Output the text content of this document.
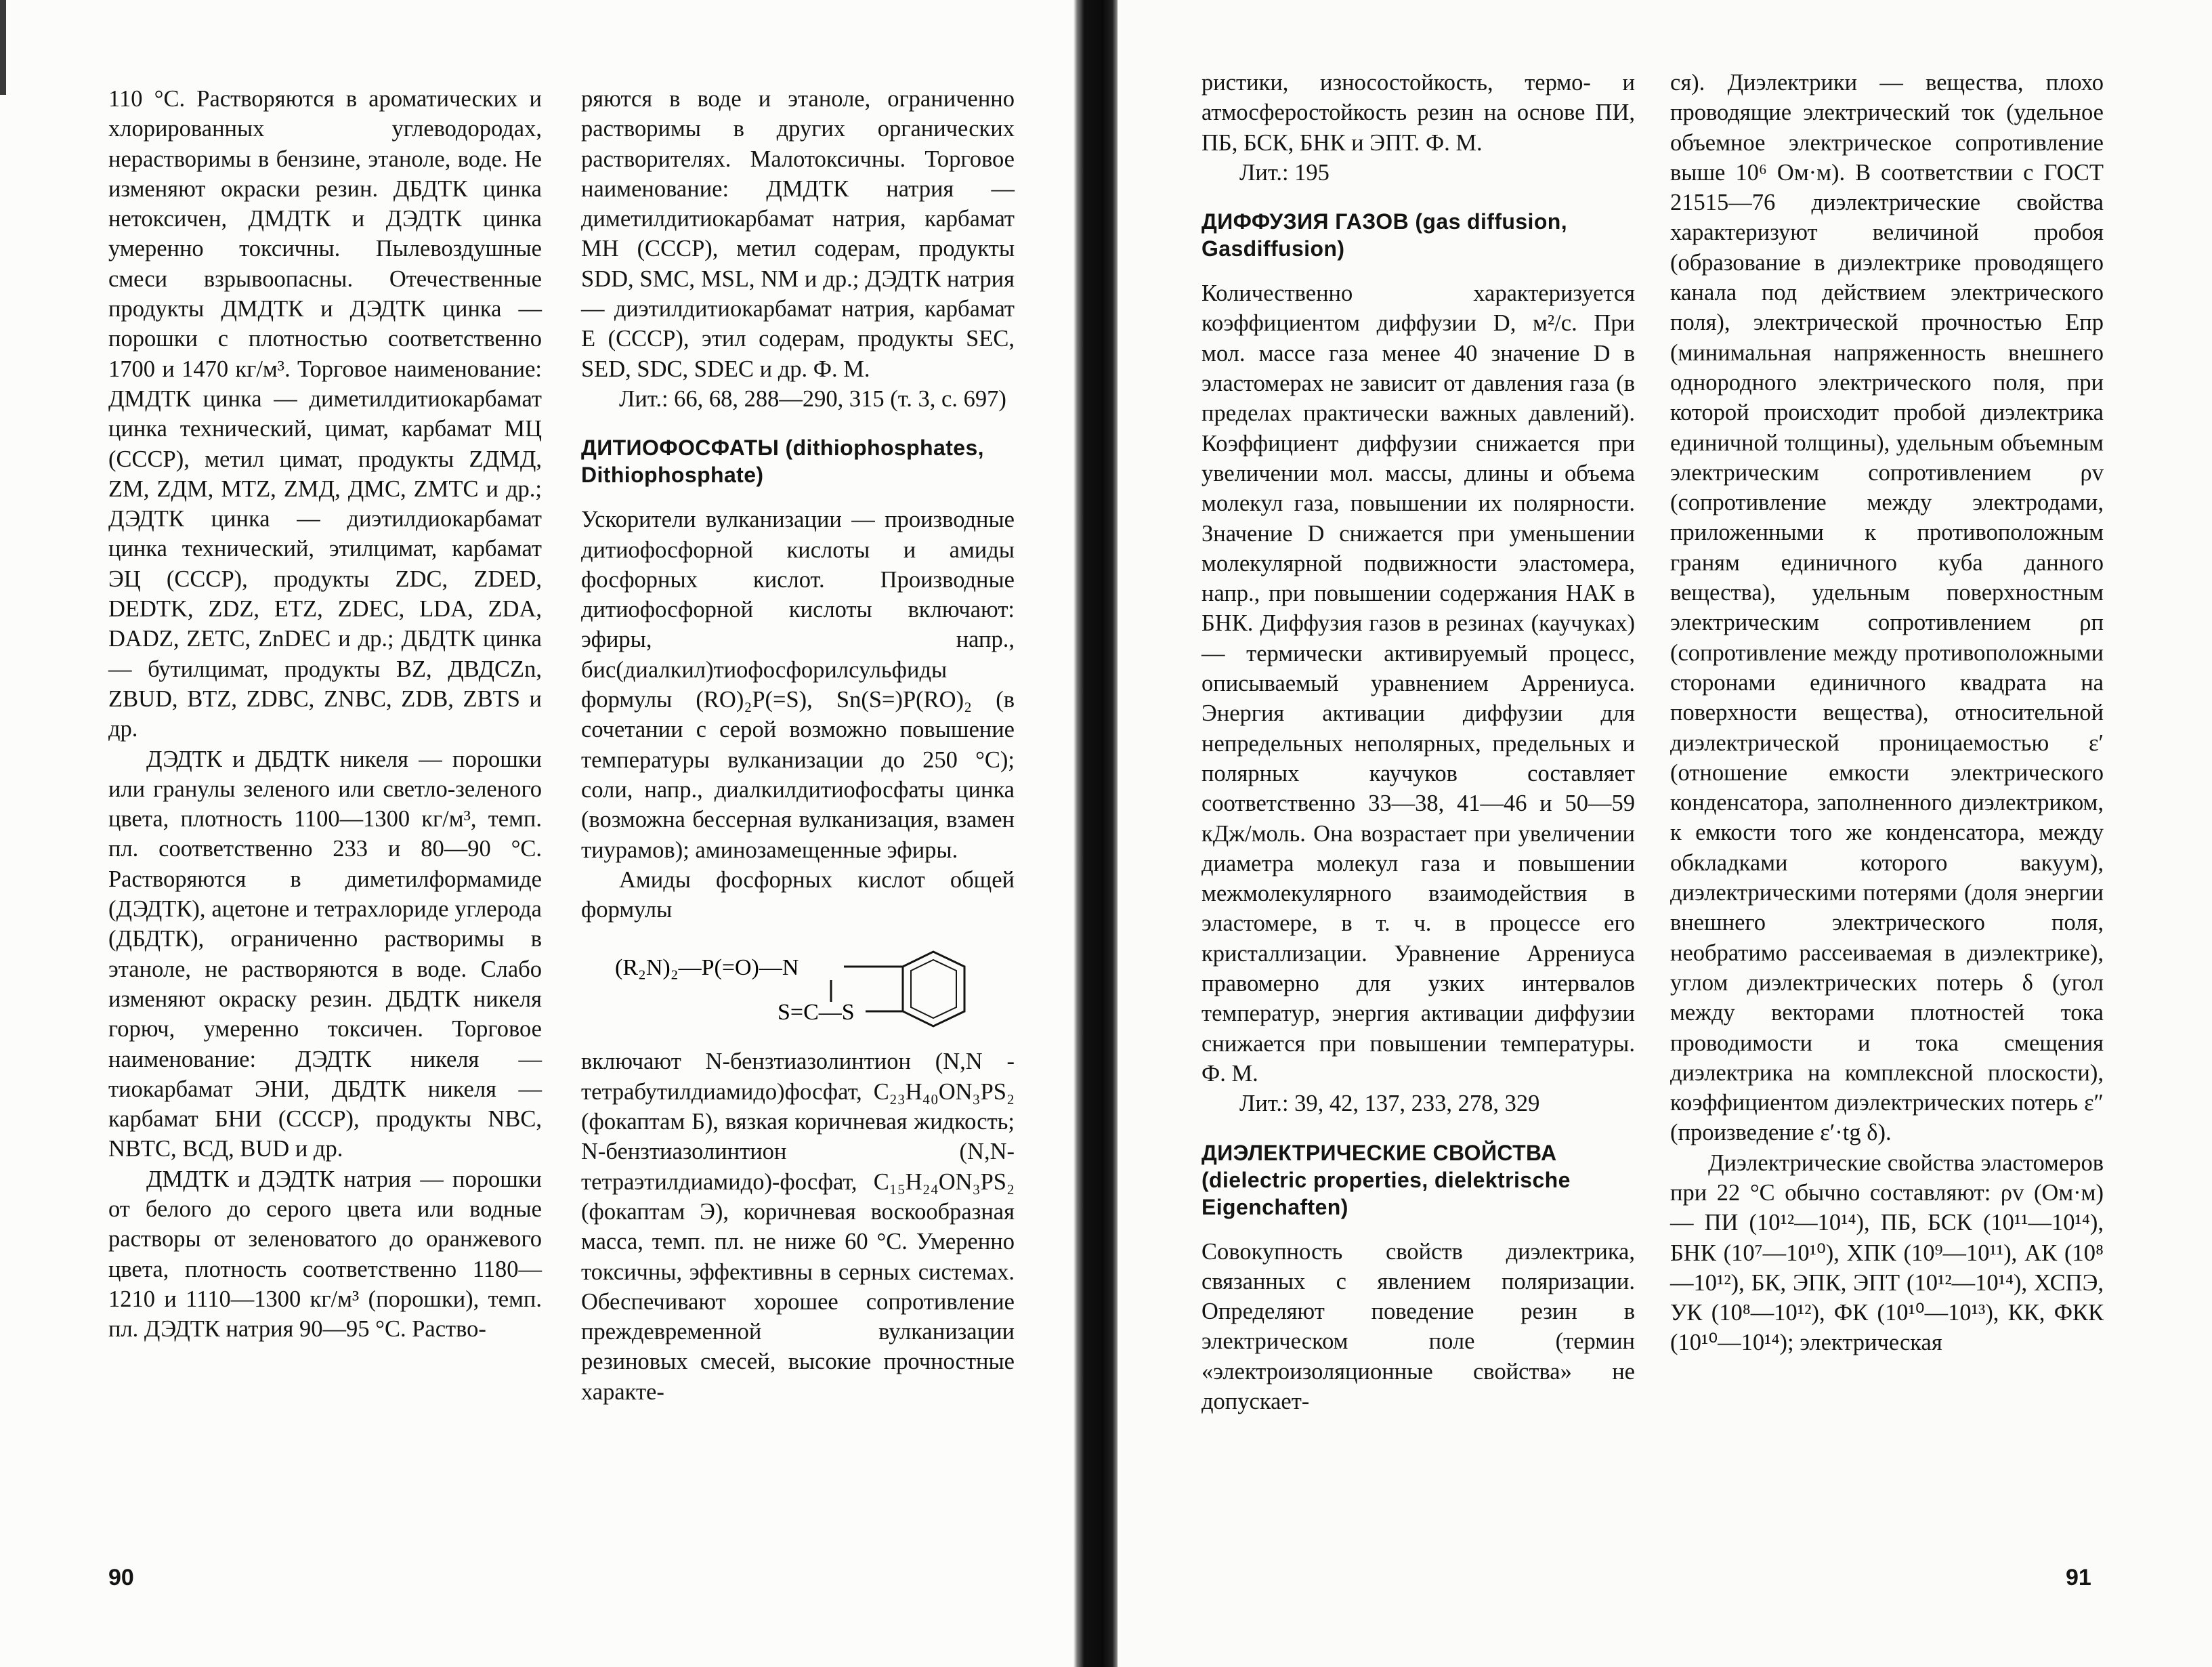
110 °C. Растворяются в ароматических и хлорированных углеводородах, нерастворимы в бензине, этаноле, воде. Не изменяют окраски резин. ДБДТК цинка нетоксичен, ДМДТК и ДЭДТК цинка умеренно токсичны. Пылевоздушные смеси взрывоопасны. Отечественные продукты ДМДТК и ДЭДТК цинка — порошки с плотностью соответственно 1700 и 1470 кг/м³. Торговое наименование: ДМДТК цинка — диметилдитиокарбамат цинка технический, цимат, карбамат МЦ (СССР), метил цимат, продукты ZДМД, ZM, ZДМ, MTZ, ZМД, ДМС, ZMTC и др.; ДЭДТК цинка — диэтилдиокарбамат цинка технический, этилцимат, карбамат ЭЦ (СССР), продукты ZDC, ZDED, DEDTK, ZDZ, ETZ, ZDEC, LDA, ZDA, DADZ, ZETC, ZnDEC и др.; ДБДТК цинка — бутилцимат, продукты BZ, ДВДСZn, ZBUD, BTZ, ZDBC, ZNBC, ZDB, ZBTS и др.

ДЭДТК и ДБДТК никеля — порошки или гранулы зеленого или светло-зеленого цвета, плотность 1100—1300 кг/м³, темп. пл. соответственно 233 и 80—90 °C. Растворяются в диметилформамиде (ДЭДТК), ацетоне и тетрахлориде углерода (ДБДТК), ограниченно растворимы в этаноле, не растворяются в воде. Слабо изменяют окраску резин. ДБДТК никеля горюч, умеренно токсичен. Торговое наименование: ДЭДТК никеля — тиокарбамат ЭНИ, ДБДТК никеля — карбамат БНИ (СССР), продукты NBC, NBTC, ВСД, BUD и др.

ДМДТК и ДЭДТК натрия — порошки от белого до серого цвета или водные растворы от зеленоватого до оранжевого цвета, плотность соответственно 1180—1210 и 1110—1300 кг/м³ (порошки), темп. пл. ДЭДТК натрия 90—95 °C. Раство-

ряются в воде и этаноле, ограниченно растворимы в других органических растворителях. Малотоксичны. Торговое наименование: ДМДТК натрия — диметилдитиокарбамат натрия, карбамат МН (СССР), метил содерам, продукты SDD, SMC, MSL, NM и др.; ДЭДТК натрия — диэтилдитиокарбамат натрия, карбамат Е (СССР), этил содерам, продукты SEC, SED, SDC, SDEC и др. Ф. М.

Лит.: 66, 68, 288—290, 315 (т. 3, с. 697)

ДИТИОФОСФАТЫ (dithiophosphates, Dithiophosphate)

Ускорители вулканизации — производные дитиофосфорной кислоты и амиды фосфорных кислот. Производные дитиофосфорной кислоты включают: эфиры, напр., бис(диалкил)тиофосфорилсульфиды формулы (RO)₂P(=S), Sn(S=)P(RO)₂ (в сочетании с серой возможно повышение температуры вулканизации до 250 °C); соли, напр., диалкилдитиофосфаты цинка (возможна бессерная вулканизация, взамен тиурамов); аминозамещенные эфиры.

Амиды фосфорных кислот общей формулы

(R₂N)₂—P(=O)—N
S=C—S

включают N-бензтиазолинтион (N,N - тетрабутилдиамидо)фосфат, C₂₃H₄₀ON₃PS₂ (фокаптам Б), вязкая коричневая жидкость; N-бензтиазолинтион (N,N-тетраэтилдиамидо)-фосфат, C₁₅H₂₄ON₃PS₂ (фокаптам Э), коричневая воскообразная масса, темп. пл. не ниже 60 °C. Умеренно токсичны, эффективны в серных системах. Обеспечивают хорошее сопротивление преждевременной вулканизации резиновых смесей, высокие прочностные характе-

90

ристики, износостойкость, термо- и атмосферостойкость резин на основе ПИ, ПБ, БСК, БНК и ЭПТ. Ф. М.

Лит.: 195

ДИФФУЗИЯ ГАЗОВ (gas diffusion, Gasdiffusion)

Количественно характеризуется коэффициентом диффузии D, м²/с. При мол. массе газа менее 40 значение D в эластомерах не зависит от давления газа (в пределах практически важных давлений). Коэффициент диффузии снижается при увеличении мол. массы, длины и объема молекул газа, повышении их полярности. Значение D снижается при уменьшении молекулярной подвижности эластомера, напр., при повышении содержания НАК в БНК. Диффузия газов в резинах (каучуках) — термически активируемый процесс, описываемый уравнением Аррениуса. Энергия активации диффузии для непредельных неполярных, предельных и полярных каучуков составляет соответственно 33—38, 41—46 и 50—59 кДж/моль. Она возрастает при увеличении диаметра молекул газа и повышении межмолекулярного взаимодействия в эластомере, в т. ч. в процессе его кристаллизации. Уравнение Аррениуса правомерно для узких интервалов температур, энергия активации диффузии снижается при повышении температуры. Ф. М.

Лит.: 39, 42, 137, 233, 278, 329

ДИЭЛЕКТРИЧЕСКИЕ СВОЙСТВА (dielectric properties, dielektrische Eigenchaften)

Совокупность свойств диэлектрика, связанных с явлением поляризации. Определяют поведение резин в электрическом поле (термин «электроизоляционные свойства» не допускает-

ся). Диэлектрики — вещества, плохо проводящие электрический ток (удельное объемное электрическое сопротивление выше 10⁶ Ом·м). В соответствии с ГОСТ 21515—76 диэлектрические свойства характеризуют величиной пробоя (образование в диэлектрике проводящего канала под действием электрического поля), электрической прочностью Eпр (минимальная напряженность внешнего однородного электрического поля, при которой происходит пробой диэлектрика единичной толщины), удельным объемным электрическим сопротивлением ρv (сопротивление между электродами, приложенными к противоположным граням единичного куба данного вещества), удельным поверхностным электрическим сопротивлением ρп (сопротивление между противоположными сторонами единичного квадрата на поверхности вещества), относительной диэлектрической проницаемостью ε′ (отношение емкости электрического конденсатора, заполненного диэлектриком, к емкости того же конденсатора, между обкладками которого вакуум), диэлектрическими потерями (доля энергии внешнего электрического поля, необратимо рассеиваемая в диэлектрике), углом диэлектрических потерь δ (угол между векторами плотностей тока проводимости и тока смещения диэлектрика на комплексной плоскости), коэффициентом диэлектрических потерь ε″ (произведение ε′·tg δ).

Диэлектрические свойства эластомеров при 22 °C обычно составляют: ρv (Ом·м) — ПИ (10¹²—10¹⁴), ПБ, БСК (10¹¹—10¹⁴), БНК (10⁷—10¹⁰), ХПК (10⁹—10¹¹), АК (10⁸—10¹²), БК, ЭПК, ЭПТ (10¹²—10¹⁴), ХСПЭ, УК (10⁸—10¹²), ФК (10¹⁰—10¹³), КК, ФКК (10¹⁰—10¹⁴); электрическая

91
